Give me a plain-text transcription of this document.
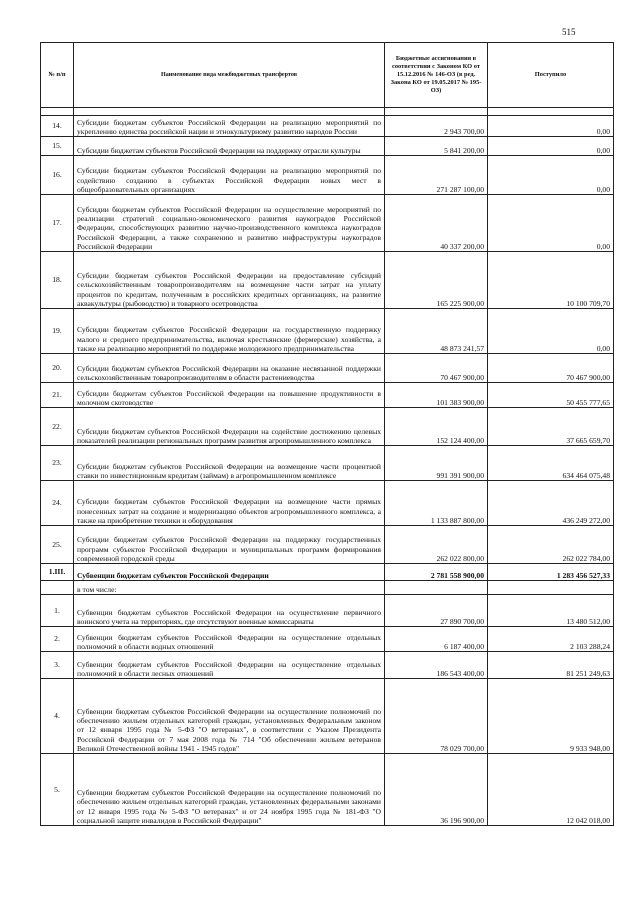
515
№ п/п	Наименование вида межбюджетных трансфертов	Бюджетные ассигнования в соответствии с Законом КО от 15.12.2016 № 146-ОЗ (в ред. Закона КО от 19.05.2017 № 195-ОЗ)	Поступило

14.	Субсидии бюджетам субъектов Российской Федерации на реализацию мероприятий по укреплению единства российской нации и этнокультурному развитию народов России	2 943 700,00	0,00
15.	Субсидии бюджетам субъектов Российской Федерации на поддержку отрасли культуры	5 841 200,00	0,00
16.	Субсидии бюджетам субъектов Российской Федерации на реализацию мероприятий по содействию созданию в субъектах Российской Федерации новых мест в общеобразовательных организациях	271 287 100,00	0,00
17.	Субсидии бюджетам субъектов Российской Федерации на осуществление мероприятий по реализации стратегий социально-экономического развития наукоградов Российской Федерации, способствующих развитию научно-производственного комплекса наукоградов Российской Федерации, а также сохранению и развитию инфраструктуры наукоградов Российской Федерации	40 337 200,00	0,00
18.	Субсидии бюджетам субъектов Российской Федерации на предоставление субсидий сельскохозяйственным товаропроизводителям на возмещение части затрат на уплату процентов по кредитам, полученным в российских кредитных организациях, на развитие аквакультуры (рыбоводство) и товарного осетроводства	165 225 900,00	10 100 709,70
19.	Субсидии бюджетам субъектов Российской Федерации на государственную поддержку малого и среднего предпринимательства, включая крестьянские (фермерские) хозяйства, а также на реализацию мероприятий по поддержке молодежного предпринимательства	48 873 241,57	0,00
20.	Субсидии бюджетам субъектов Российской Федерации на оказание несвязанной поддержки сельскохозяйственным товаропроизводителям в области растениеводства	70 467 900,00	70 467 900,00
21.	Субсидии бюджетам субъектов Российской Федерации на повышение продуктивности в молочном скотоводстве	101 383 900,00	50 455 777,65
22.	Субсидии бюджетам субъектов Российской Федерации на содействие достижению целевых показателей реализации региональных программ развития агропромышленного комплекса	152 124 400,00	37 665 659,70
23.	Субсидии бюджетам субъектов Российской Федерации на возмещение части процентной ставки по инвестиционным кредитам (займам) в агропромышленном комплексе	991 391 900,00	634 464 075,48
24.	Субсидии бюджетам субъектов Российской Федерации на возмещение части прямых понесенных затрат на создание и модернизацию объектов агропромышленного комплекса, а также на приобретение техники и оборудования	1 133 887 800,00	436 249 272,00
25.	Субсидии бюджетам субъектов Российской Федерации на поддержку государственных программ субъектов Российской Федерации и муниципальных программ формирования современной городской среды	262 022 800,00	262 022 784,00
1.III.	Субвенции бюджетам субъектов Российской Федерации	2 781 558 900,00	1 283 456 527,33
	в том числе:		
1.	Субвенции бюджетам субъектов Российской Федерации на осуществление первичного воинского учета на территориях, где отсутствуют военные комиссариаты	27 890 700,00	13 480 512,00
2.	Субвенции бюджетам субъектов Российской Федерации на осуществление отдельных полномочий в области водных отношений	6 187 400,00	2 103 288,24
3.	Субвенции бюджетам субъектов Российской Федерации на осуществление отдельных полномочий в области лесных отношений	186 543 400,00	81 251 249,63
4.	Субвенции бюджетам субъектов Российской Федерации на осуществление полномочий по обеспечению жильем отдельных категорий граждан, установленных Федеральным законом от 12 января 1995 года № 5-ФЗ "О ветеранах", в соответствии с Указом Президента Российской Федерации от 7 мая 2008 года № 714 "Об обеспечении жильем ветеранов Великой Отечественной войны 1941 - 1945 годов"	78 029 700,00	9 933 948,00
5.	Субвенции бюджетам субъектов Российской Федерации на осуществление полномочий по обеспечению жильем отдельных категорий граждан, установленных федеральными законами от 12 января 1995 года № 5-ФЗ "О ветеранах" и от 24 ноября 1995 года № 181-ФЗ "О социальной защите инвалидов в Российской Федерации"	36 196 900,00	12 042 018,00
